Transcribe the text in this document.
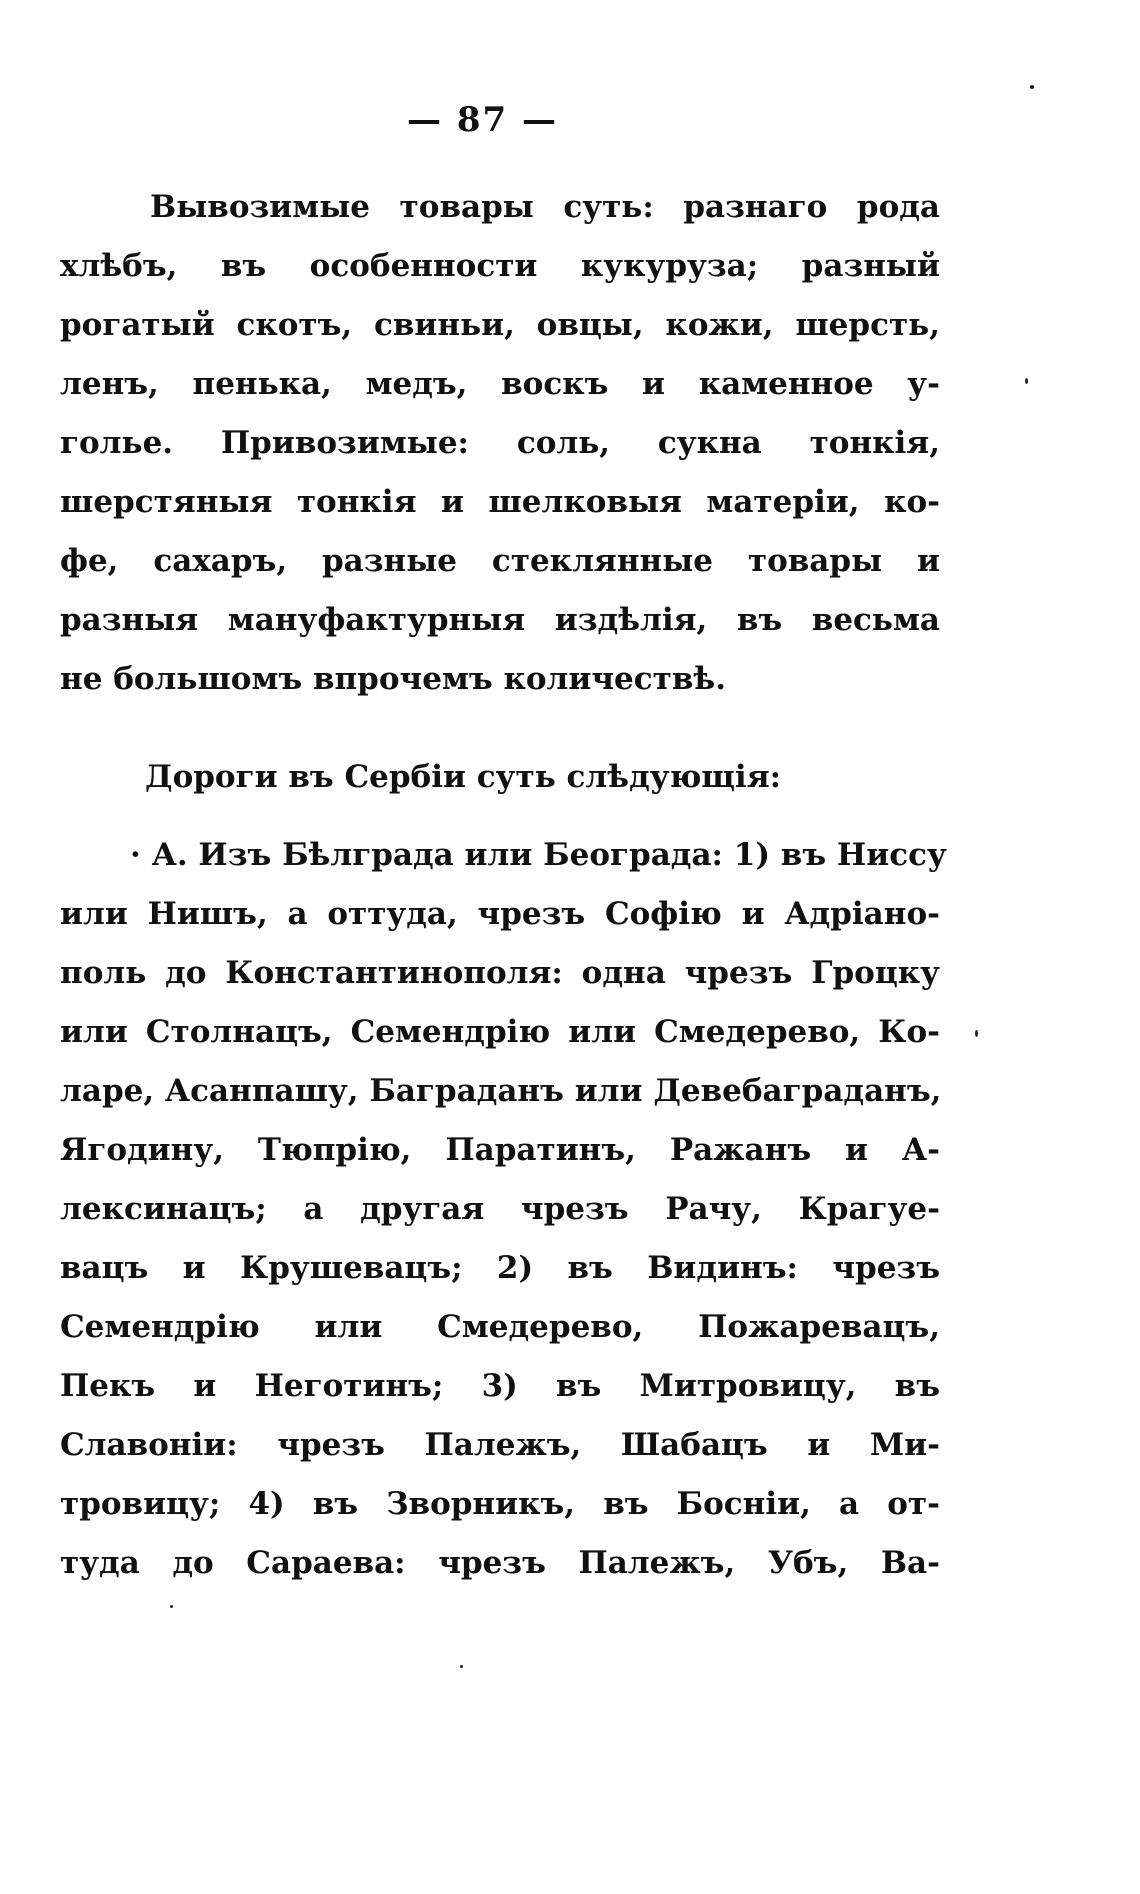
— 87 —
Вывозимые товары суть: разнаго рода
хлѣбъ, въ особенности кукуруза; разный
рогатый скотъ, свиньи, овцы, кожи, шерсть,
ленъ, пенька, медъ, воскъ и каменное у-
голье. Привозимые: соль, сукна тонкія,
шерстяныя тонкія и шелковыя матеріи, ко-
фе, сахаръ, разные стеклянные товары и
разныя мануфактурныя издѣлія, въ весьма
не большомъ впрочемъ количествѣ.
Дороги въ Сербіи суть слѣдующія:
· А. Изъ Бѣлграда или Београда: 1) въ Ниссу
или Нишъ, а оттуда, чрезъ Софію и Адріано-
поль до Константинополя: одна чрезъ Гроцку
или Столнацъ, Семендрію или Смедерево, Ко-
ларе, Асанпашу, Баграданъ или Девебаграданъ,
Ягодину, Тюпрію, Паратинъ, Ражанъ и А-
лексинацъ; а другая чрезъ Рачу, Крагуе-
вацъ и Крушевацъ; 2) въ Видинъ: чрезъ
Семендрію или Смедерево, Пожаревацъ,
Пекъ и Неготинъ; 3) въ Митровицу, въ
Славоніи: чрезъ Палежъ, Шабацъ и Ми-
тровицу; 4) въ Зворникъ, въ Босніи, а от-
туда до Сараева: чрезъ Палежъ, Убъ, Ва-
